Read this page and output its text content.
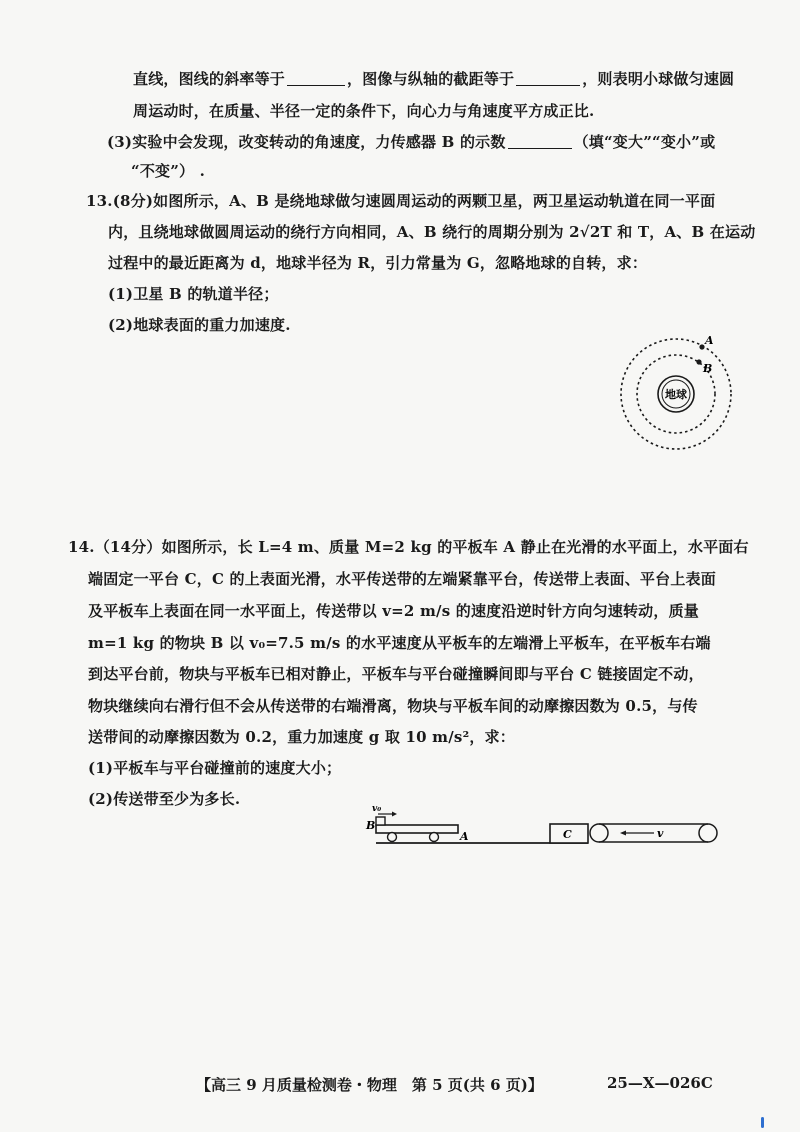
直线，图线的斜率等于	，图像与纵轴的截距等于	，则表明小球做匀速圆
周运动时，在质量、半径一定的条件下，向心力与角速度平方成正比.
(3)实验中会发现，改变转动的角速度，力传感器 B 的示数	（填“变大”“变小”或
“不变”） .
13.(8分)如图所示，A、B 是绕地球做匀速圆周运动的两颗卫星，两卫星运动轨道在同一平面
内，且绕地球做圆周运动的绕行方向相同，A、B 绕行的周期分别为 2√2T 和 T，A、B 在运动
过程中的最近距离为 d，地球半径为 R，引力常量为 G，忽略地球的自转，求：
(1)卫星 B 的轨道半径；
(2)地球表面的重力加速度.
地球
A
B
14.（14分）如图所示，长 L=4 m、质量 M=2 kg 的平板车 A 静止在光滑的水平面上，水平面右
端固定一平台 C，C 的上表面光滑，水平传送带的左端紧靠平台，传送带上表面、平台上表面
及平板车上表面在同一水平面上，传送带以 v=2 m/s 的速度沿逆时针方向匀速转动，质量
m=1 kg 的物块 B 以 v₀=7.5 m/s 的水平速度从平板车的左端滑上平板车，在平板车右端
到达平台前，物块与平板车已相对静止，平板车与平台碰撞瞬间即与平台 C 链接固定不动，
物块继续向右滑行但不会从传送带的右端滑离，物块与平板车间的动摩擦因数为 0.5，与传
送带间的动摩擦因数为 0.2，重力加速度 g 取 10 m/s²，求：
(1)平板车与平台碰撞前的速度大小；
(2)传送带至少为多长.
A
B
v₀
C	v
【高三 9 月质量检测卷・物理　第 5 页(共 6 页)】	25—X—026C
